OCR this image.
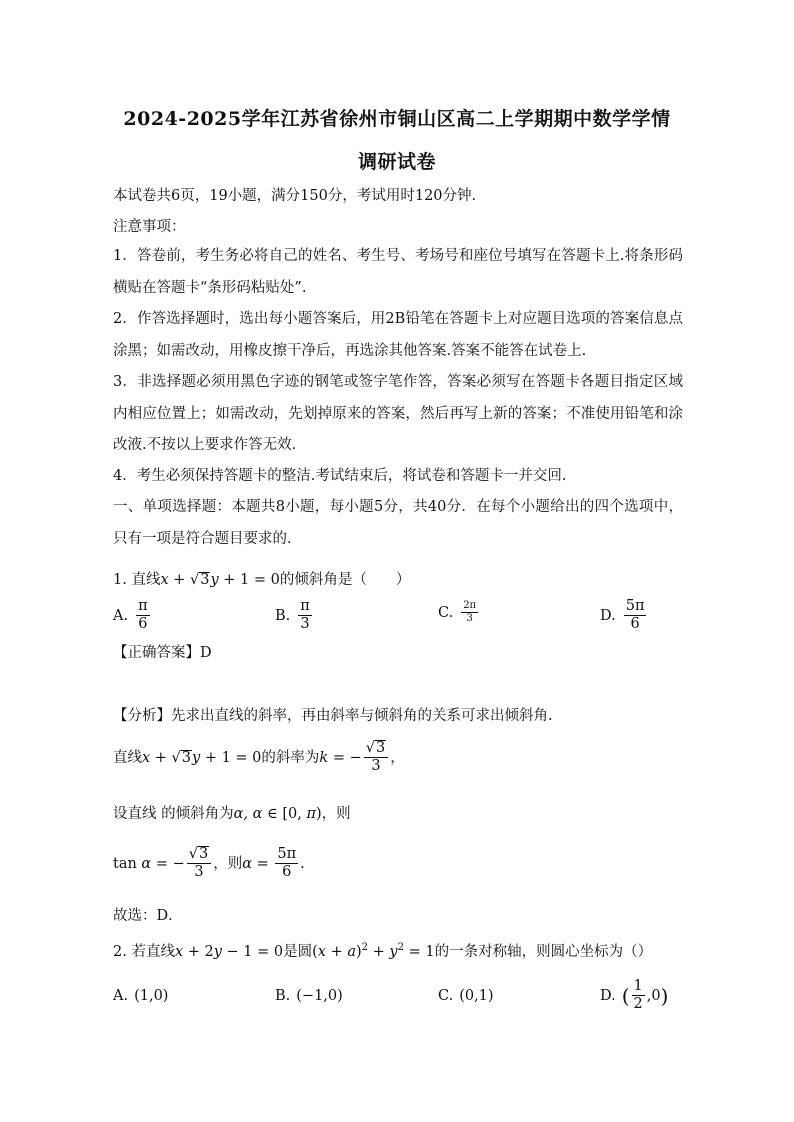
2024-2025学年江苏省徐州市铜山区高二上学期期中数学学情
调研试卷
本试卷共6页，19小题，满分150分，考试用时120分钟.
注意事项：
1．答卷前，考生务必将自己的姓名、考生号、考场号和座位号填写在答题卡上.将条形码横贴在答题卡“条形码粘贴处”.
2．作答选择题时，选出每小题答案后，用2B铅笔在答题卡上对应题目选项的答案信息点涂黑；如需改动，用橡皮擦干净后，再选涂其他答案.答案不能答在试卷上.
3．非选择题必须用黑色字迹的钢笔或签字笔作答，答案必须写在答题卡各题目指定区域内相应位置上；如需改动，先划掉原来的答案，然后再写上新的答案；不准使用铅笔和涂改液.不按以上要求作答无效.
4．考生必须保持答题卡的整洁.考试结束后，将试卷和答题卡一并交回.
一、单项选择题：本题共8小题，每小题5分，共40分．在每个小题给出的四个选项中，只有一项是符合题目要求的．
1. 直线x + √3y + 1 = 0的倾斜角是（　　）
A. $\frac{\pi}{6}$	B. $\frac{\pi}{3}$	C. $\frac{2\pi}{3}$	D. $\frac{5\pi}{6}$
【正确答案】D
【分析】先求出直线的斜率，再由斜率与倾斜角的关系可求出倾斜角.
直线x + √3y + 1 = 0的斜率为k = − $\frac{√3}{3}$ ，
设直线 的倾斜角为α, α ∈ [0, π)，则
tan α = − $\frac{√3}{3}$ ，则$\alpha = \frac{5\pi}{6}$ .
故选：D．
2. 若直线x + 2y − 1 = 0是圆$(x + a)^2 + y^2 = 1$的一条对称轴，则圆心坐标为（）
A. (1,0)	B. (−1,0)	C. (0,1)	D. ( $\frac{1}{2} ,0$)
